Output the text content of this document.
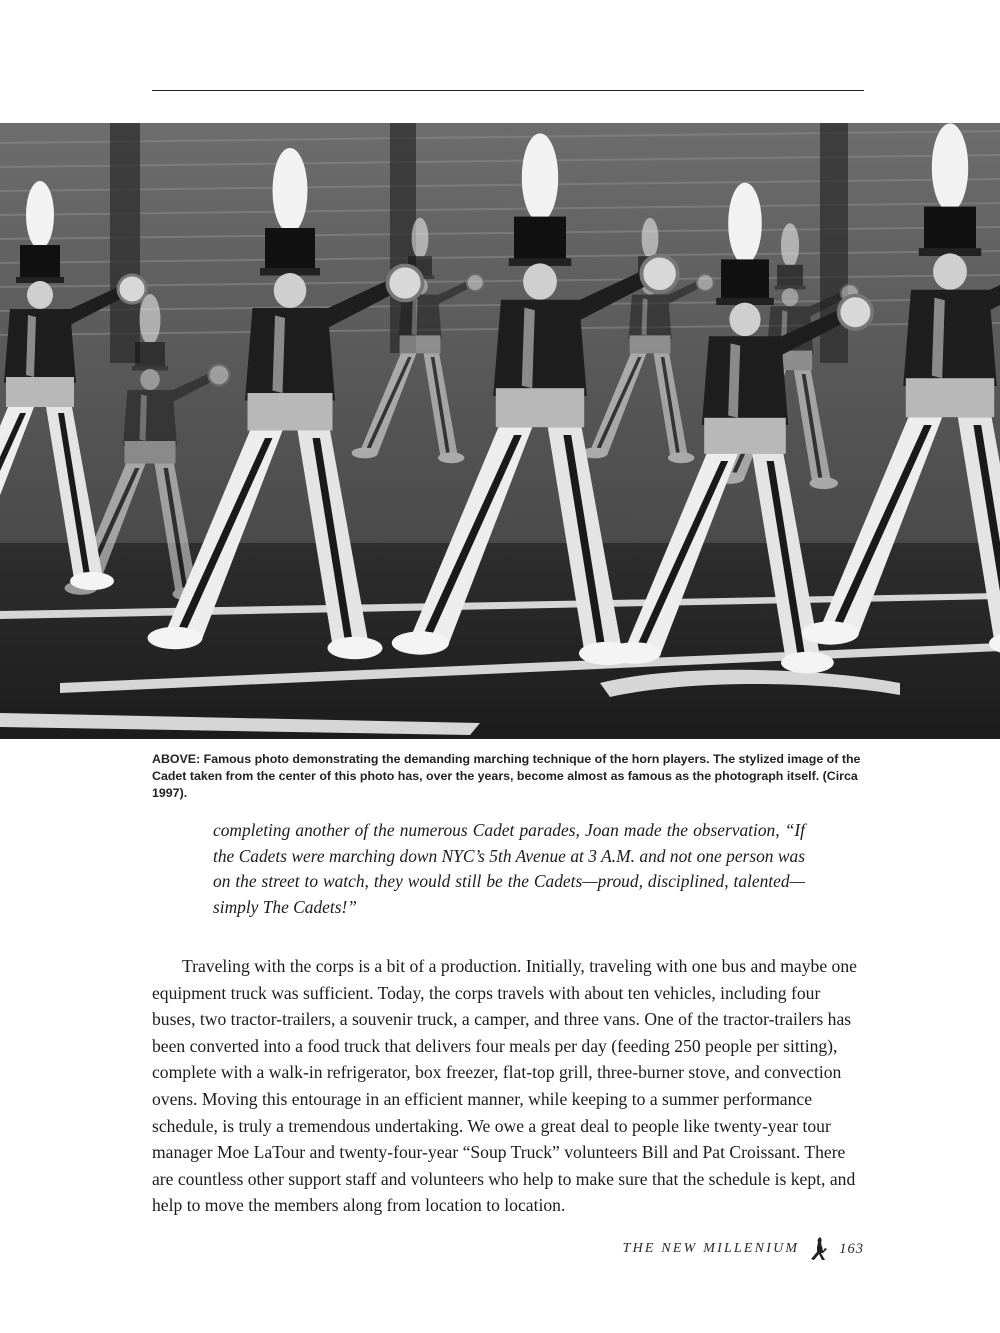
ABOVE: Famous photo demonstrating the demanding marching technique of the horn players. The stylized image of the Cadet taken from the center of this photo has, over the years, become almost as famous as the photograph itself. (Circa 1997).

completing another of the numerous Cadet parades, Joan made the observation, “If the Cadets were marching down NYC’s 5th Avenue at 3 A.M. and not one person was on the street to watch, they would still be the Cadets—proud, disciplined, talented—simply The Cadets!”

Traveling with the corps is a bit of a production. Initially, traveling with one bus and maybe one equipment truck was sufficient. Today, the corps travels with about ten vehicles, including four buses, two tractor-trailers, a souvenir truck, a camper, and three vans. One of the tractor-trailers has been converted into a food truck that delivers four meals per day (feeding 250 people per sitting), complete with a walk-in refrigerator, box freezer, flat-top grill, three-burner stove, and convection ovens. Moving this entourage in an efficient manner, while keeping to a summer performance schedule, is truly a tremendous undertaking. We owe a great deal to people like twenty-year tour manager Moe LaTour and twenty-four-year “Soup Truck” volunteers Bill and Pat Croissant. There are countless other support staff and volunteers who help to make sure that the schedule is kept, and help to move the members along from location to location.

THE NEW MILLENIUM	163
